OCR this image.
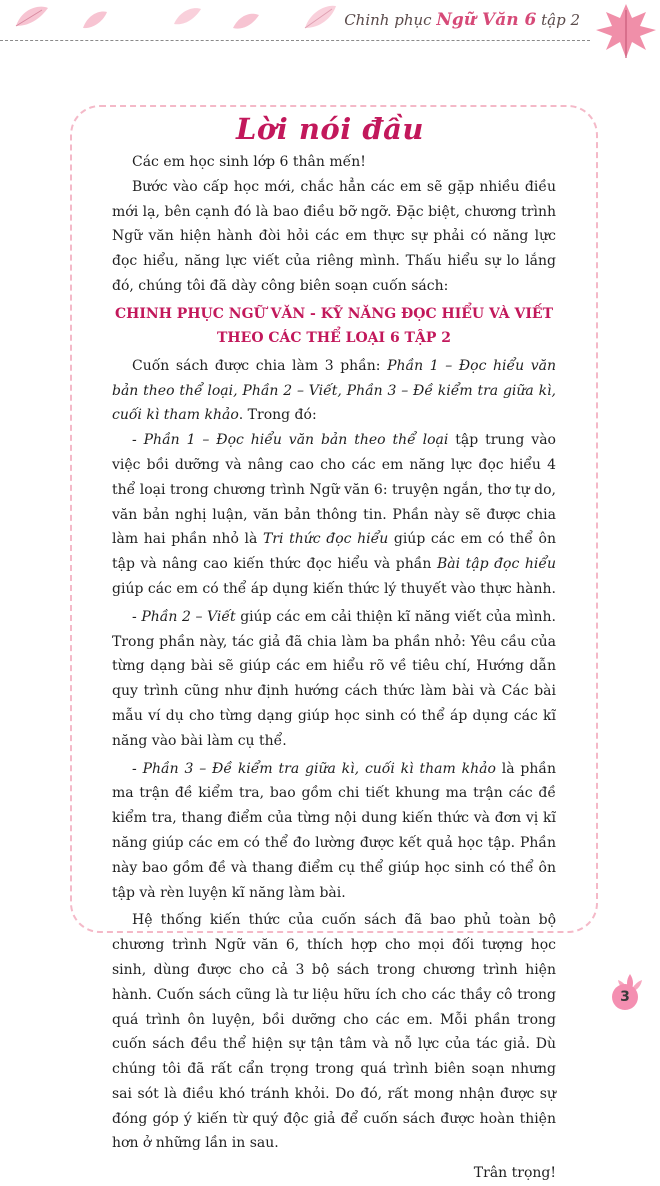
Chinh phục Ngữ Văn 6 tập 2
Lời nói đầu

Các em học sinh lớp 6 thân mến!

Bước vào cấp học mới, chắc hẳn các em sẽ gặp nhiều điều mới lạ, bên cạnh đó là bao điều bỡ ngỡ. Đặc biệt, chương trình Ngữ văn hiện hành đòi hỏi các em thực sự phải có năng lực đọc hiểu, năng lực viết của riêng mình. Thấu hiểu sự lo lắng đó, chúng tôi đã dày công biên soạn cuốn sách:

CHINH PHỤC NGỮ VĂN - KỸ NĂNG ĐỌC HIỂU VÀ VIẾT
THEO CÁC THỂ LOẠI 6 TẬP 2

Cuốn sách được chia làm 3 phần: Phần 1 – Đọc hiểu văn bản theo thể loại, Phần 2 – Viết, Phần 3 – Đề kiểm tra giữa kì, cuối kì tham khảo. Trong đó:

- Phần 1 – Đọc hiểu văn bản theo thể loại tập trung vào việc bồi dưỡng và nâng cao cho các em năng lực đọc hiểu 4 thể loại trong chương trình Ngữ văn 6: truyện ngắn, thơ tự do, văn bản nghị luận, văn bản thông tin. Phần này sẽ được chia làm hai phần nhỏ là Tri thức đọc hiểu giúp các em có thể ôn tập và nâng cao kiến thức đọc hiểu và phần Bài tập đọc hiểu giúp các em có thể áp dụng kiến thức lý thuyết vào thực hành.

- Phần 2 – Viết giúp các em cải thiện kĩ năng viết của mình. Trong phần này, tác giả đã chia làm ba phần nhỏ: Yêu cầu của từng dạng bài sẽ giúp các em hiểu rõ về tiêu chí, Hướng dẫn quy trình cũng như định hướng cách thức làm bài và Các bài mẫu ví dụ cho từng dạng giúp học sinh có thể áp dụng các kĩ năng vào bài làm cụ thể.

- Phần 3 – Đề kiểm tra giữa kì, cuối kì tham khảo là phần ma trận đề kiểm tra, bao gồm chi tiết khung ma trận các đề kiểm tra, thang điểm của từng nội dung kiến thức và đơn vị kĩ năng giúp các em có thể đo lường được kết quả học tập. Phần này bao gồm đề và thang điểm cụ thể giúp học sinh có thể ôn tập và rèn luyện kĩ năng làm bài.

Hệ thống kiến thức của cuốn sách đã bao phủ toàn bộ chương trình Ngữ văn 6, thích hợp cho mọi đối tượng học sinh, dùng được cho cả 3 bộ sách trong chương trình hiện hành. Cuốn sách cũng là tư liệu hữu ích cho các thầy cô trong quá trình ôn luyện, bồi dưỡng cho các em. Mỗi phần trong cuốn sách đều thể hiện sự tận tâm và nỗ lực của tác giả. Dù chúng tôi đã rất cẩn trọng trong quá trình biên soạn nhưng sai sót là điều khó tránh khỏi. Do đó, rất mong nhận được sự đóng góp ý kiến từ quý độc giả để cuốn sách được hoàn thiện hơn ở những lần in sau.

Trân trọng!

3
